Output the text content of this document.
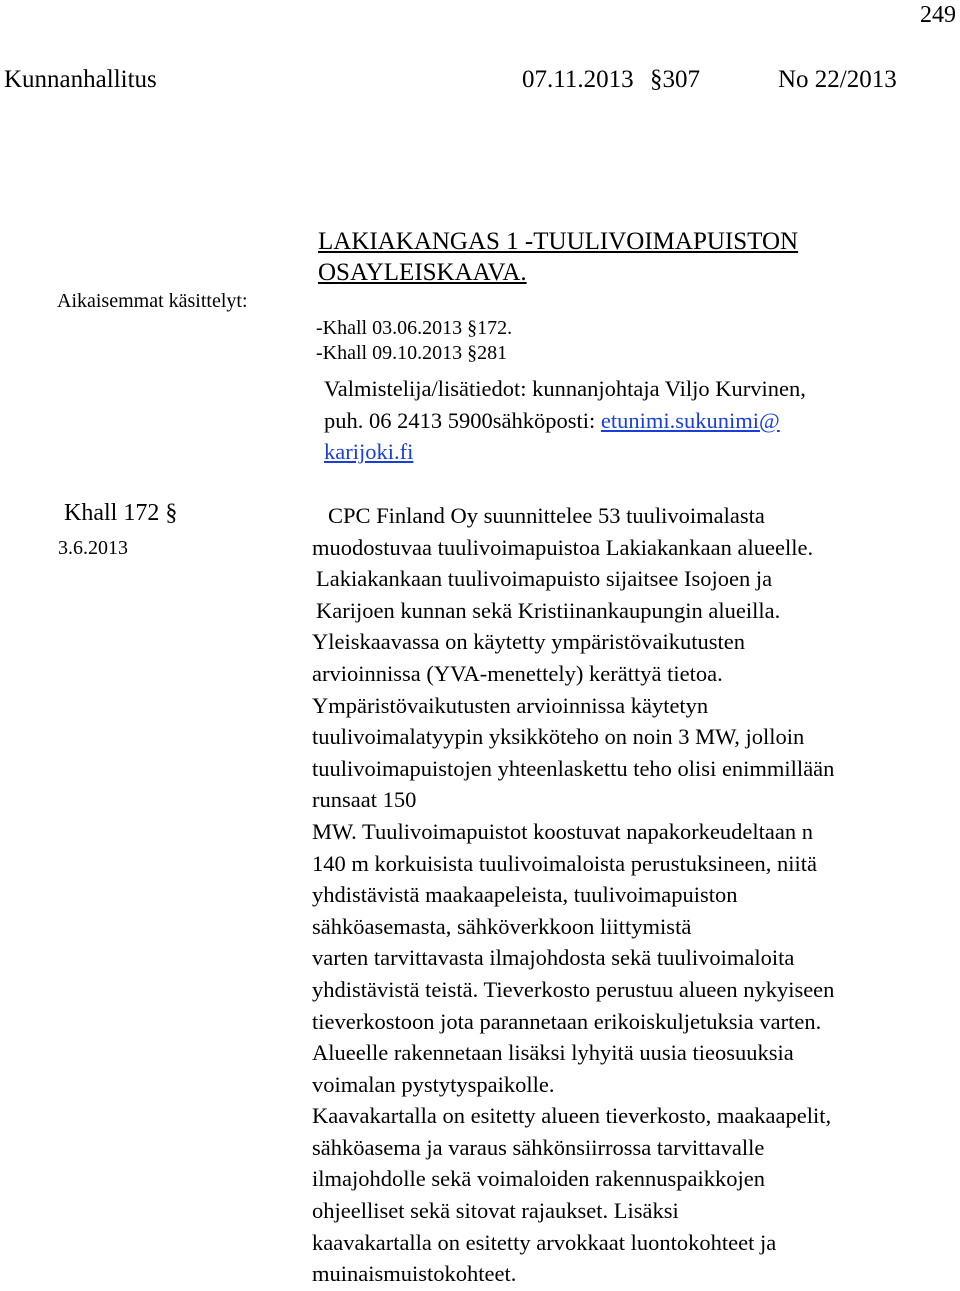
249
Kunnanhallitus	07.11.2013 §307	No 22/2013
LAKIAKANGAS 1 -TUULIVOIMAPUISTON
OSAYLEISKAAVA.
Aikaisemmat käsittelyt:
-Khall 03.06.2013 §172.
-Khall 09.10.2013 §281
Valmistelija/lisätiedot: kunnanjohtaja Viljo Kurvinen,
puh. 06 2413 5900sähköposti: etunimi.sukunimi@
karijoki.fi
Khall 172 §
3.6.2013
CPC Finland Oy suunnittelee 53 tuulivoimalasta
muodostuvaa tuulivoimapuistoa Lakiakankaan alueelle.
Lakiakankaan tuulivoimapuisto sijaitsee Isojoen ja
Karijoen kunnan sekä Kristiinankaupungin alueilla.
Yleiskaavassa on käytetty ympäristövaikutusten
arvioinnissa (YVA-menettely) kerättyä tietoa.
Ympäristövaikutusten arvioinnissa käytetyn
tuulivoimalatyypin yksikköteho on noin 3 MW, jolloin
tuulivoimapuistojen yhteenlaskettu teho olisi enimmillään
runsaat 150
MW. Tuulivoimapuistot koostuvat napakorkeudeltaan n
140 m korkuisista tuulivoimaloista perustuksineen, niitä
yhdistävistä maakaapeleista, tuulivoimapuiston
sähköasemasta, sähköverkkoon liittymistä
varten tarvittavasta ilmajohdosta sekä tuulivoimaloita
yhdistävistä teistä. Tieverkosto perustuu alueen nykyiseen
tieverkostoon jota parannetaan erikoiskuljetuksia varten.
Alueelle rakennetaan lisäksi lyhyitä uusia tieosuuksia
voimalan pystytyspaikolle.
Kaavakartalla on esitetty alueen tieverkosto, maakaapelit,
sähköasema ja varaus sähkönsiirrossa tarvittavalle
ilmajohdolle sekä voimaloiden rakennuspaikkojen
ohjeelliset sekä sitovat rajaukset. Lisäksi
kaavakartalla on esitetty arvokkaat luontokohteet ja
muinaismuistokohteet.
